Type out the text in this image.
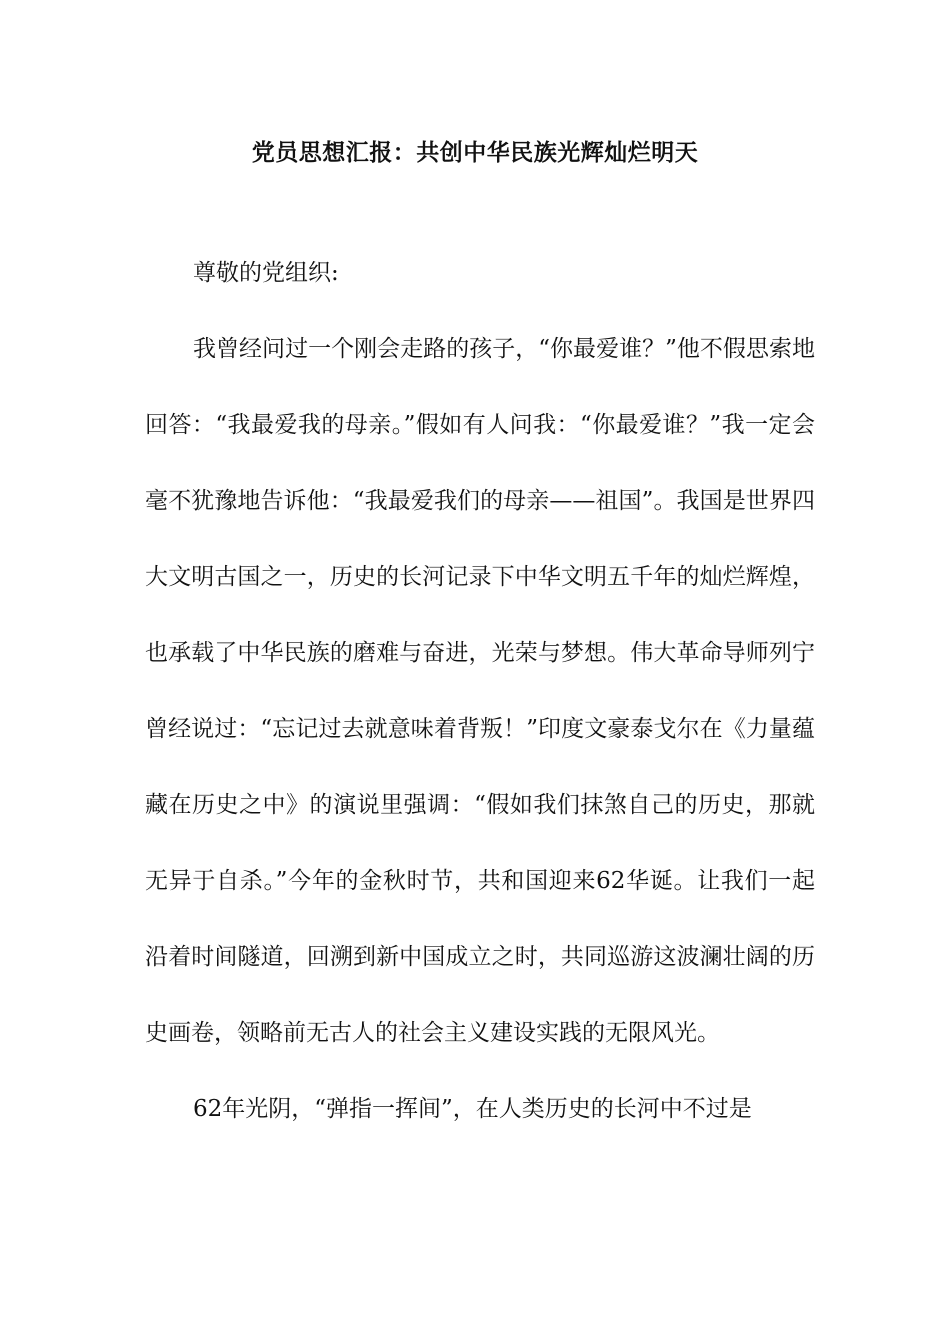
党员思想汇报：共创中华民族光辉灿烂明天

尊敬的党组织:

我曾经问过一个刚会走路的孩子，“你最爱谁？”他不假思索地回答：“我最爱我的母亲。”假如有人问我：“你最爱谁？”我一定会毫不犹豫地告诉他：“我最爱我们的母亲——祖国”。我国是世界四大文明古国之一，历史的长河记录下中华文明五千年的灿烂辉煌，也承载了中华民族的磨难与奋进，光荣与梦想。伟大革命导师列宁曾经说过：“忘记过去就意味着背叛！”印度文豪泰戈尔在《力量蕴藏在历史之中》的演说里强调：“假如我们抹煞自己的历史，那就无异于自杀。”今年的金秋时节，共和国迎来62华诞。让我们一起沿着时间隧道，回溯到新中国成立之时，共同巡游这波澜壮阔的历史画卷，领略前无古人的社会主义建设实践的无限风光。

62年光阴，“弹指一挥间”，在人类历史的长河中不过是
